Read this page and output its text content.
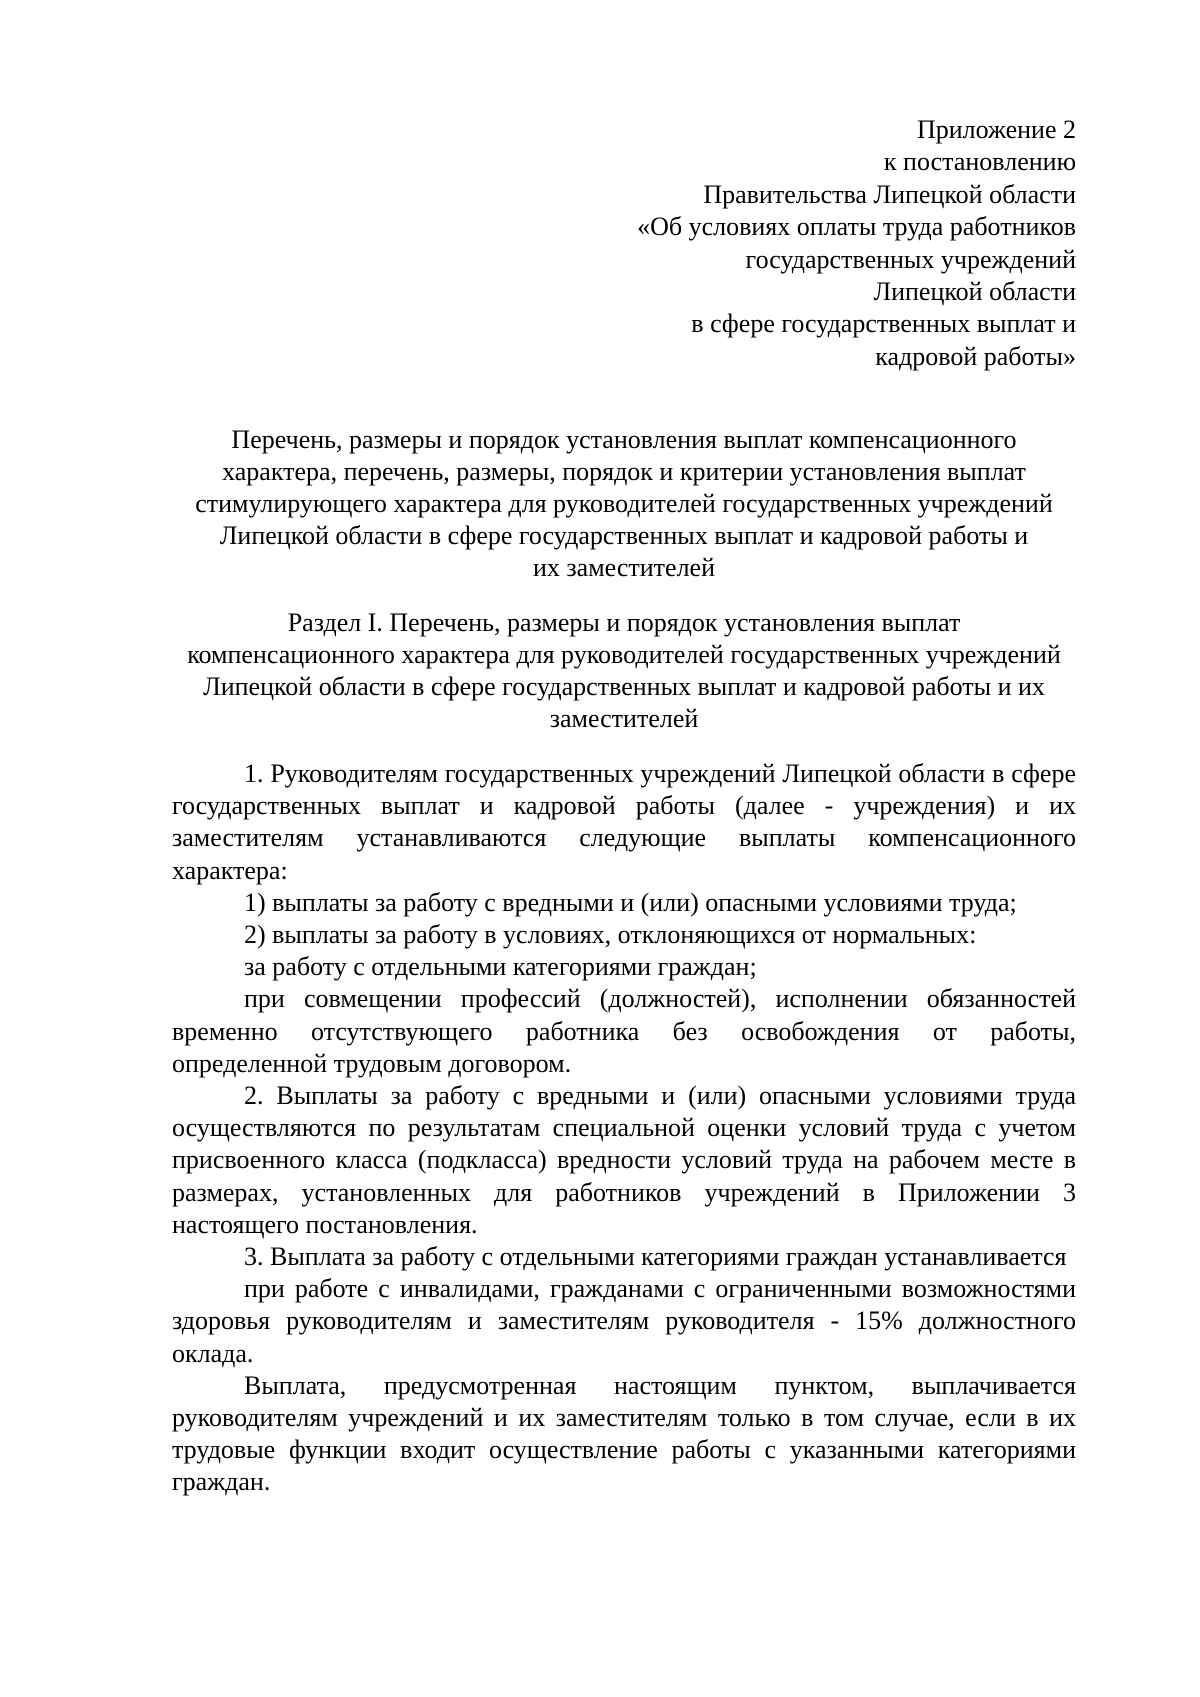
Приложение 2
к постановлению
Правительства Липецкой области
«Об условиях оплаты труда работников
государственных учреждений
Липецкой области
в сфере государственных выплат и
кадровой работы»
Перечень, размеры и порядок установления выплат компенсационного
характера, перечень, размеры, порядок и критерии установления выплат
стимулирующего характера для руководителей государственных учреждений
Липецкой области в сфере государственных выплат и кадровой работы и
их заместителей
Раздел I. Перечень, размеры и порядок установления выплат
компенсационного характера для руководителей государственных учреждений
Липецкой области в сфере государственных выплат и кадровой работы и их
заместителей

1. Руководителям государственных учреждений Липецкой области в сфере государственных выплат и кадровой работы (далее - учреждения) и их заместителям устанавливаются следующие выплаты компенсационного характера:

1) выплаты за работу с вредными и (или) опасными условиями труда;

2) выплаты за работу в условиях, отклоняющихся от нормальных:

за работу с отдельными категориями граждан;

при совмещении профессий (должностей), исполнении обязанностей временно отсутствующего работника без освобождения от работы, определенной трудовым договором.

2. Выплаты за работу с вредными и (или) опасными условиями труда осуществляются по результатам специальной оценки условий труда с учетом присвоенного класса (подкласса) вредности условий труда на рабочем месте в размерах, установленных для работников учреждений в Приложении 3 настоящего постановления.

3. Выплата за работу с отдельными категориями граждан устанавливается

при работе с инвалидами, гражданами с ограниченными возможностями здоровья руководителям и заместителям руководителя - 15% должностного оклада.

Выплата, предусмотренная настоящим пунктом, выплачивается руководителям учреждений и их заместителям только в том случае, если в их трудовые функции входит осуществление работы с указанными категориями граждан.
